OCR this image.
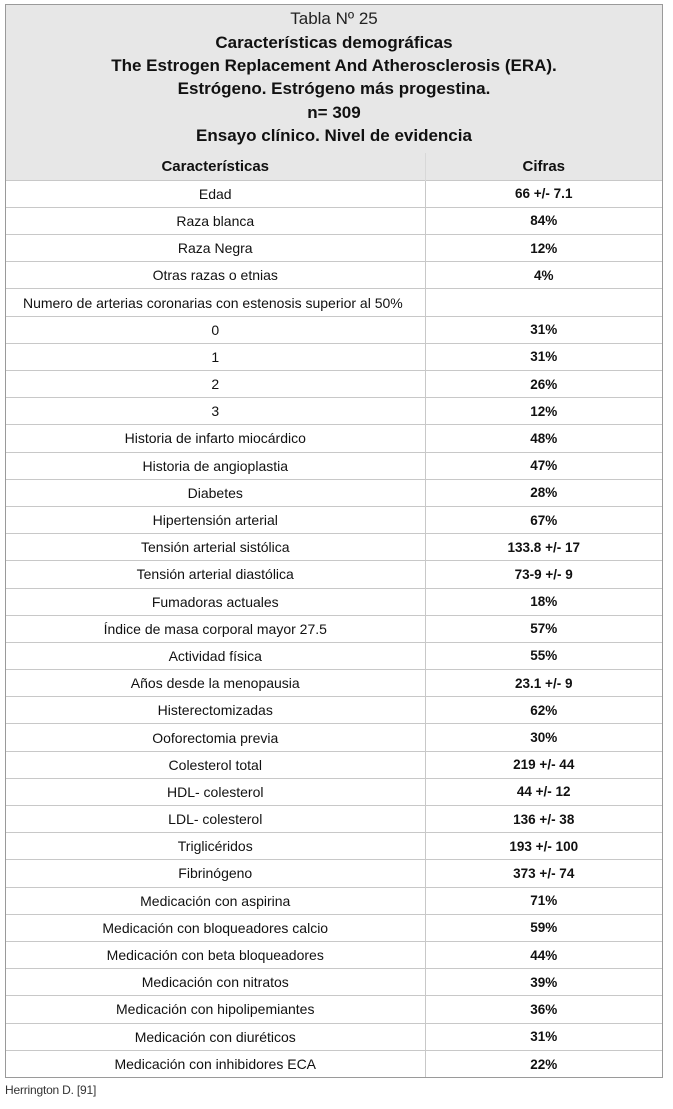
Tabla Nº 25
Características demográficas
The Estrogen Replacement And Atherosclerosis (ERA).
Estrógeno. Estrógeno más progestina.
n= 309
Ensayo clínico. Nivel de evidencia
Características	Cifras
Edad	66 +/- 7.1
Raza blanca	84%
Raza Negra	12%
Otras razas o etnias	4%
Numero de arterias coronarias con estenosis superior al 50%	
0	31%
1	31%
2	26%
3	12%
Historia de infarto miocárdico	48%
Historia de angioplastia	47%
Diabetes	28%
Hipertensión arterial	67%
Tensión arterial sistólica	133.8 +/- 17
Tensión arterial diastólica	73-9 +/- 9
Fumadoras actuales	18%
Índice de masa corporal mayor 27.5	57%
Actividad física	55%
Años desde la menopausia	23.1 +/- 9
Histerectomizadas	62%
Ooforectomia previa	30%
Colesterol total	219 +/- 44
HDL- colesterol	44 +/- 12
LDL- colesterol	136 +/- 38
Triglicéridos	193 +/- 100
Fibrinógeno	373 +/- 74
Medicación con aspirina	71%
Medicación con bloqueadores calcio	59%
Medicación con beta bloqueadores	44%
Medicación con nitratos	39%
Medicación con hipolipemiantes	36%
Medicación con diuréticos	31%
Medicación con inhibidores ECA	22%
Herrington D. [91]
